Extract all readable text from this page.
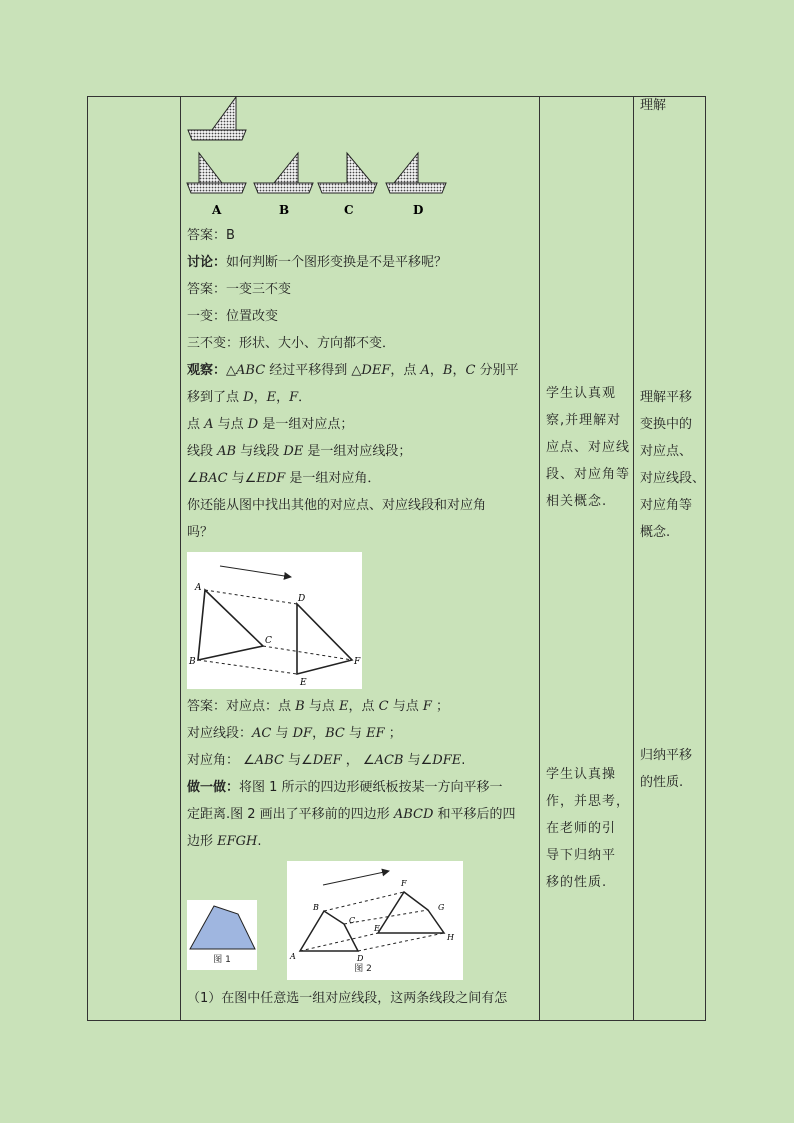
A	B	C	D
答案：B
讨论：如何判断一个图形变换是不是平移呢？
答案：一变三不变
一变：位置改变
三不变：形状、大小、方向都不变．
观察：△ABC 经过平移得到 △DEF，点 A，B，C 分别平
移到了点 D，E，F．
点 A 与点 D 是一组对应点；
线段 AB 与线段 DE 是一组对应线段；
∠BAC 与∠EDF 是一组对应角．
你还能从图中找出其他的对应点、对应线段和对应角
吗？
A
B
C
D
E
F
答案：对应点：点 B 与点 E，点 C 与点 F ；
对应线段：AC 与 DF，BC 与 EF ；
对应角： ∠ABC 与∠DEF ， ∠ACB 与∠DFE.
做一做：将图 1 所示的四边形硬纸板按某一方向平移一
定距离.图 2 画出了平移前的四边形 ABCD 和平移后的四
边形 EFGH.
图 1	A
B
C
D
E
F
G
H
图 2
（1）在图中任意选一组对应线段，这两条线段之间有怎
学生认真观
察,并理解对
应点、对应线
段、对应角等
相关概念.
学生认真操
作，并思考，
在老师的引
导下归纳平
移的性质.
理解
理解平移
变换中的
对应点、
对应线段、
对应角等
概念.
归纳平移
的性质.
